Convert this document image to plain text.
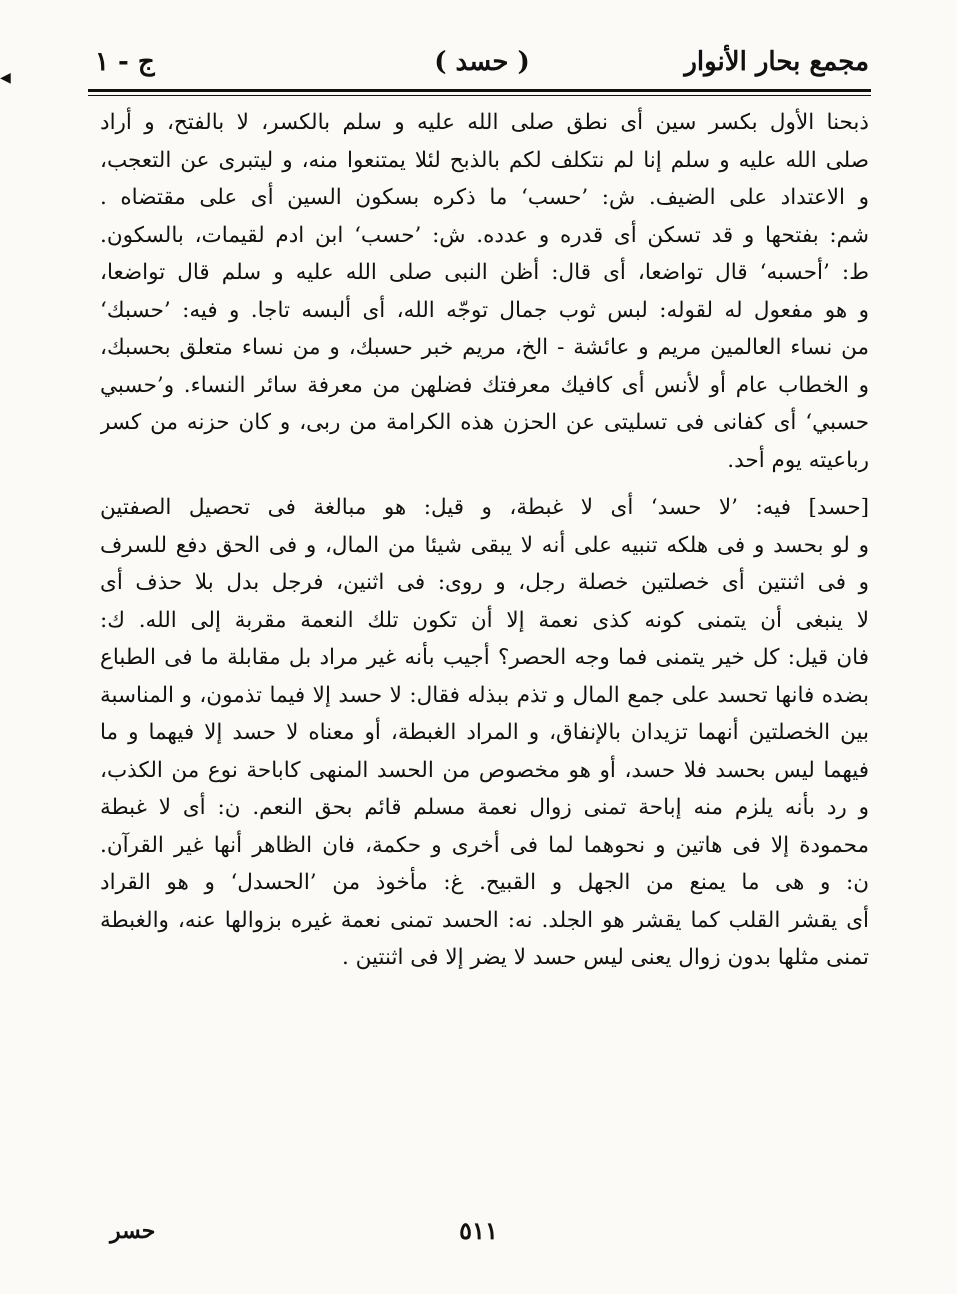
◀
مجمع بحار الأنوار
( حسد )
ج - ١
ذبحنا الأول بكسر سين أى نطق صلى الله عليه و سلم بالكسر، لا بالفتح، و أراد
صلى الله عليه و سلم إنا لم نتكلف لكم بالذبح لئلا يمتنعوا منه، و ليتبرى عن التعجب،
و الاعتداد على الضيف. ش: ’حسب‘ ما ذكره بسكون السين أى على مقتضاه .
شم: بفتحها و قد تسكن أى قدره و عدده. ش: ’حسب‘ ابن ادم لقيمات، بالسكون.
ط: ’أحسبه‘ قال تواضعا، أى قال: أظن النبى صلى الله عليه و سلم قال تواضعا،
و هو مفعول له لقوله: لبس ثوب جمال توجّه الله، أى ألبسه تاجا. و فيه: ’حسبك‘
من نساء العالمين مريم و عائشة - الخ، مريم خبر حسبك، و من نساء متعلق بحسبك،
و الخطاب عام أو لأنس أى كافيك معرفتك فضلهن من معرفة سائر النساء. و’حسبي
حسبي‘ أى كفانى فى تسليتى عن الحزن هذه الكرامة من ربى، و كان حزنه من كسر
رباعيته يوم أحد.
[حسد] فيه: ’لا حسد‘ أى لا غبطة، و قيل: هو مبالغة فى تحصيل الصفتين
و لو بحسد و فى هلكه تنبيه على أنه لا يبقى شيئا من المال، و فى الحق دفع للسرف
و فى اثنتين أى خصلتين خصلة رجل، و روى: فى اثنين، فرجل بدل بلا حذف أى
لا ينبغى أن يتمنى كونه كذى نعمة إلا أن تكون تلك النعمة مقربة إلى الله. ك:
فان قيل: كل خير يتمنى فما وجه الحصر؟ أجيب بأنه غير مراد بل مقابلة ما فى الطباع
بضده فانها تحسد على جمع المال و تذم ببذله فقال: لا حسد إلا فيما تذمون، و المناسبة
بين الخصلتين أنهما تزيدان بالإنفاق، و المراد الغبطة، أو معناه لا حسد إلا فيهما و ما
فيهما ليس بحسد فلا حسد، أو هو مخصوص من الحسد المنهى كاباحة نوع من الكذب،
و رد بأنه يلزم منه إباحة تمنى زوال نعمة مسلم قائم بحق النعم. ن: أى لا غبطة
محمودة إلا فى هاتين و نحوهما لما فى أخرى و حكمة، فان الظاهر أنها غير القرآن.
ن: و هى ما يمنع من الجهل و القبيح. غ: مأخوذ من ’الحسدل‘ و هو القراد
أى يقشر القلب كما يقشر هو الجلد. نه: الحسد تمنى نعمة غيره بزوالها عنه، والغبطة
تمنى مثلها بدون زوال يعنى ليس حسد لا يضر إلا فى اثنتين .
حسر	٥١١
